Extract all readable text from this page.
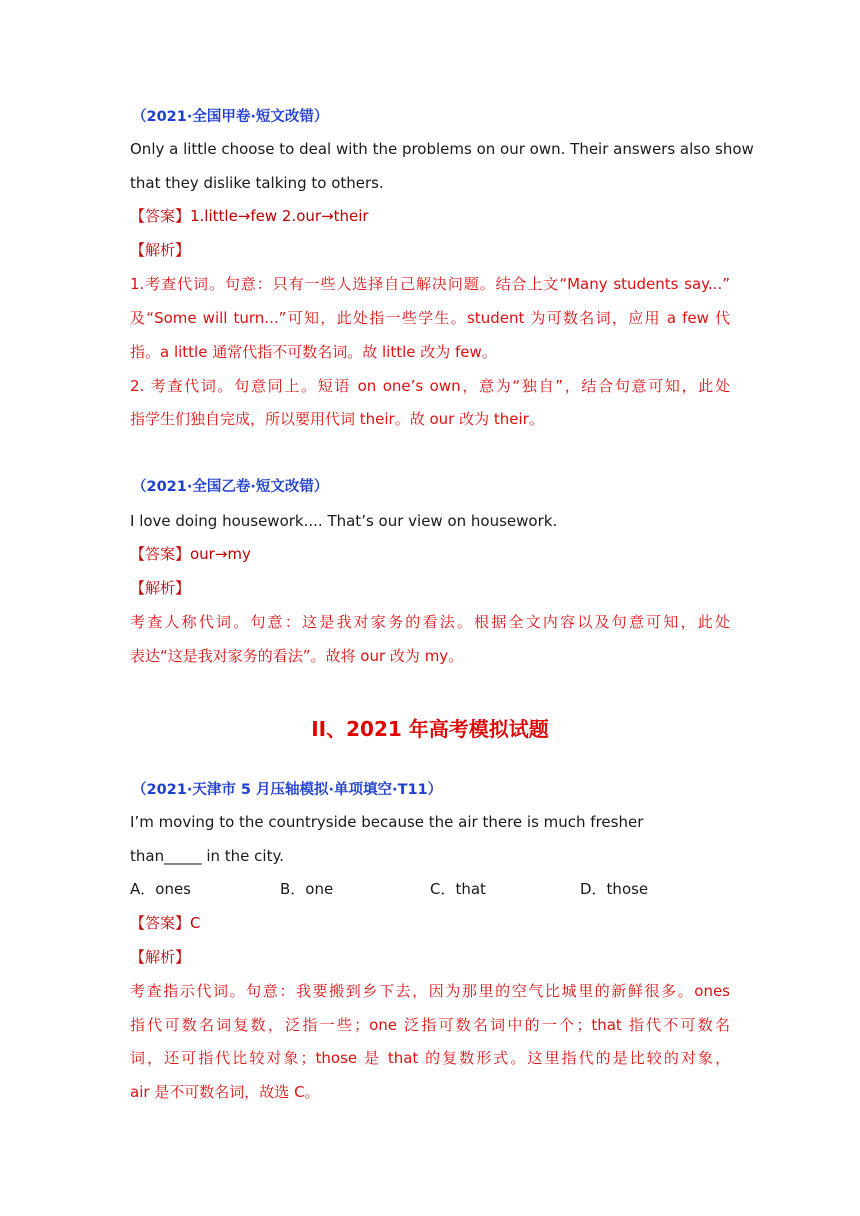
（2021·全国甲卷·短文改错）
Only a little choose to deal with the problems on our own. Their answers also show
that they dislike talking to others.
【答案】1.little→few 2.our→their
【解析】
1.考查代词。句意：只有一些人选择自己解决问题。结合上文“Many students say...”
及“Some will turn...”可知，此处指一些学生。student 为可数名词，应用 a few 代
指。a little 通常代指不可数名词。故 little 改为 few。
2. 考查代词。句意同上。短语 on one’s own，意为“独自”，结合句意可知，此处
指学生们独自完成，所以要用代词 their。故 our 改为 their。
（2021·全国乙卷·短文改错）
I love doing housework.... That’s our view on housework.
【答案】our→my
【解析】
考查人称代词。句意：这是我对家务的看法。根据全文内容以及句意可知，此处
表达“这是我对家务的看法”。故将 our 改为 my。
II、2021 年高考模拟试题
（2021·天津市 5 月压轴模拟·单项填空·T11）
I’m moving to the countryside because the air there is much fresher
than_____ in the city.
A．ones	B．one	C．that	D．those
【答案】C
【解析】
考查指示代词。句意：我要搬到乡下去，因为那里的空气比城里的新鲜很多。ones
指代可数名词复数，泛指一些；one 泛指可数名词中的一个；that 指代不可数名
词，还可指代比较对象；those 是 that 的复数形式。这里指代的是比较的对象，
air 是不可数名词，故选 C。
